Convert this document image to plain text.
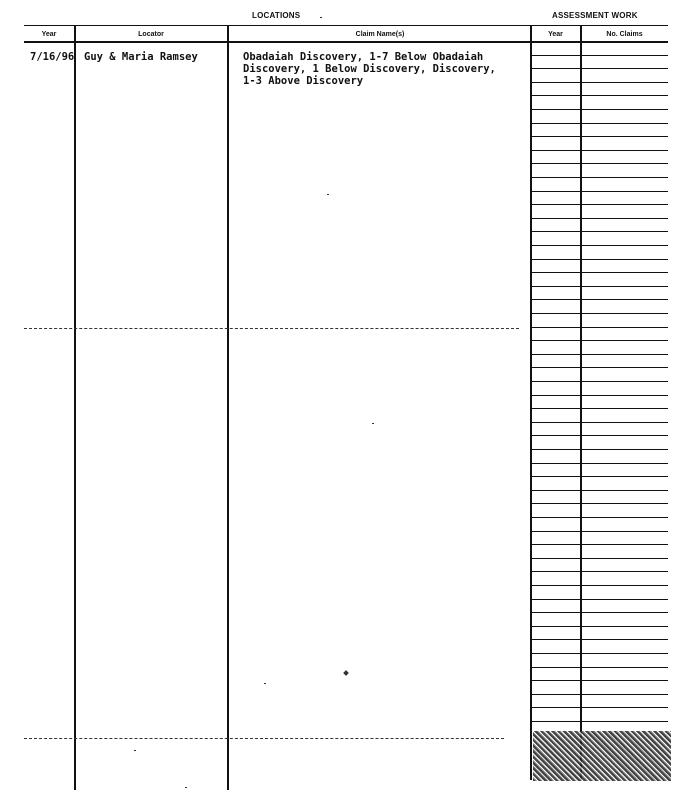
LOCATIONS	ASSESSMENT WORK
Year	Locator	Claim Name(s)	Year	No. Claims
7/16/96 Guy & Maria Ramsey	Obadaiah Discovery, 1-7 Below Obadaiah
Discovery, 1 Below Discovery, Discovery,
1-3 Above Discovery
